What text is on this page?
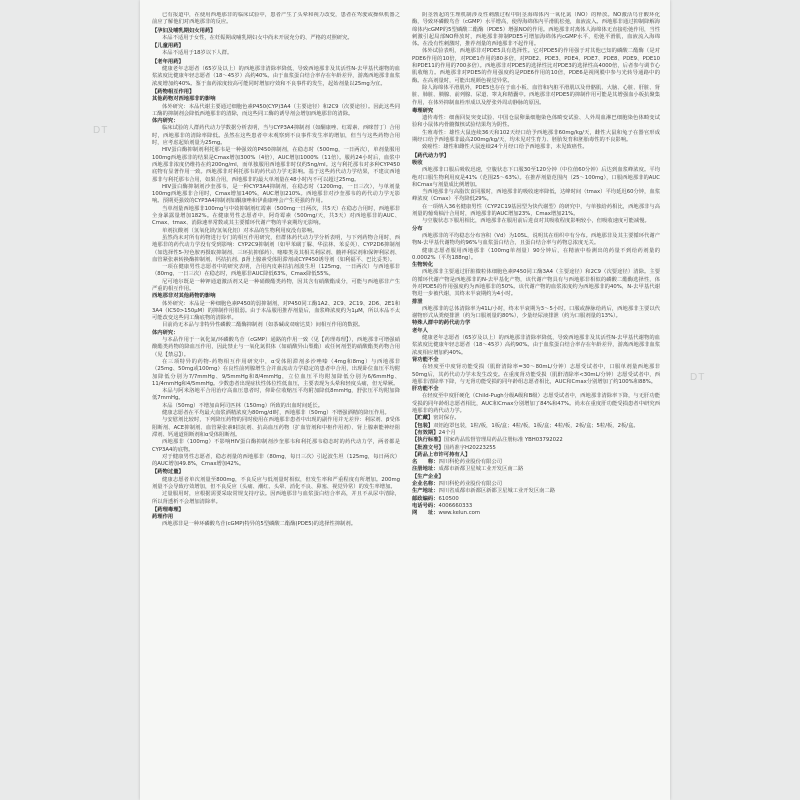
DT
DT
已有报道中，在使用西地那非的临床试验中，患者产生了头晕和视力改变，患者在驾驶或操纵机器之前应了解他们对西地那非的反应。
【孕妇及哺乳期妇女用药】
本品不适用于女性，在妊娠期或哺乳期妇女中尚未开展充分的、严格的对照研究。
【儿童用药】
本品不适用于18岁以下人群。
【老年用药】
健康老年志愿者（65岁及以上）的西地那非清除率降低，导致西地那非及其活性N-去甲基代谢物的血浆浓度比健康年轻志愿者（18～45岁）高约40%。由于血浆蛋白结合率存在年龄差异，游离西地那非血浆浓度增加约40%。鉴于血药浓度较高可能同时增加疗效和不良事件的发生，起始剂量以25mg为宜。
【药物相互作用】
其他药物对西地那非的影响
体外研究：本品代谢主要通过细胞色素P450(CYP)3A4（主要途径）和2C9（次要途径）。因此这些同工酶的抑制剂会降低西地那非的清除，而这些同工酶的诱导剂会增加西地那非的清除。
体内研究：
临床试验的人群药代动力学数据分析表明，当与CYP3A4抑制剂（如酮康唑、红霉素、西咪替丁）合用时，西地那非的清除率降低。虽然在这些患者中未观察到不良事件发生率的增加，但当与这些药物合用时，应考虑起始剂量为25mg。
HIV蛋白酶抑制剂利托那韦是一种强效的P450抑制剂，在稳态时（500mg，一日两次），单剂量服用100mg西地那非的结果是Cmax增加300%（4倍），AUC增加1000%（11倍）。服药24小时后，血浆中西地那非浓度仍维持在约200ng/ml，而单独服用西地那非时仅约5ng/ml。这与利托那韦对多种CYP450底物有显著作用一致。西地那非对利托那韦的药代动力学无影响。基于这些药代动力学结果，不建议西地那非与利托那韦合用，如果合用，西地那非的最大单剂量在48小时内不可以超过25mg。
HIV蛋白酶抑制剂沙奎那韦，是一种CYP3A4抑制剂，在稳态时（1200mg，一日三次），与单剂量100mg西地那非合用时，Cmax增加140%，AUC增加210%。西地那非对沙奎那韦的药代动力学无影响。预期更强效的CYP3A4抑制剂如酮康唑和伊曲康唑会产生更强的作用。
当单剂量西地那非100mg与中效抑制剂红霉素（500mg一日两次，共5天）在稳态合用时，西地那非全身暴露量增加182%。在健康男性志愿者中，阿奇霉素（500mg/天，共3天）对西地那非的AUC、Cmax、tmax、消除速率常数或其主要循环代谢产物的半衰期均无影响。
单剂抗酸剂（氢氧化镁/氢氧化铝）对本品的生物利用度没有影响。
虽然尚未对所有药物进行专门的相互作用研究，但群体药代动力学分析表明，与下列药物合用时，西地那非的药代动力学没有受到影响：CYP2C9抑制剂（如甲苯磺丁脲、华法林、苯妥英）、CYP2D6抑制剂（如选择性5-羟色胺再摄取抑制剂、三环抗抑郁药）、噻嗪类及其相关利尿剂、髓袢利尿剂和保钾利尿剂、血管紧张素转换酶抑制剂、钙拮抗剂、β肾上腺素受体阻滞剂或CYP450诱导剂（如利福平、巴比妥类）。
一项在健康男性志愿者中的研究表明，合用内皮素拮抗剂波生坦（125mg，一日两次）与西地那非（80mg，一日三次）在稳态时，西地那非AUC降低63%，Cmax降低55%。
尼可地尔既是一种钾通道激活剂又是一种硝酸酯类药物，因其含有硝酸酯成分，可能与西地那非产生严重的相互作用。
西地那非对其他药物的影响
体外研究：本品是一种细胞色素P450的弱抑制剂，对P450同工酶1A2、2C9、2C19、2D6、2E1和3A4（IC50>150μM）的抑制作用很弱。由于本品服用推荐剂量后，血浆峰浓度约为1μM，所以本品不太可能改变这些同工酶底物的清除率。
目前尚无本品与非特异性磷酸二酯酶抑制剂（如茶碱或双嘧达莫）间相互作用的数据。
体内研究：
与本品作用于一氧化氮/环磷酸鸟苷（cGMP）通路的作用一致（见【药理毒理】），西地那非可增强硝酸酯类药物的降血压作用，因此禁止与一氧化氮供体（如硝酸异山梨酯）或任何剂型的硝酸酯类药物合用（见【禁忌】）。
在三项特异的药物-药物相互作用研究中，α受体阻滞剂多沙唑嗪（4mg和8mg）与西地那非（25mg、50mg或100mg）在良性前列腺增生合并血流动力学稳定的患者中合用，出现卧位血压平均附加降低分别为7/7mmHg、9/5mmHg和8/4mmHg，立位血压平均附加降低分别为6/6mmHg、11/4mmHg和4/5mmHg。少数患者出现症状性体位性低血压，主要表现为头晕和轻度头痛，但无晕厥。
本品与阿米洛地平合用治疗高血压患者时，仰卧位收缩压平均附加降低8mmHg，舒张压平均附加降低7mmHg。
本品（50mg）不增加由阿司匹林（150mg）所致的出血时间延长。
健康志愿者在平均最大血浆酒精浓度为80mg/dl时，西地那非（50mg）不增强酒精的降压作用。
与安慰剂比较时，下列降压药物的同时使用在西地那非患者中出现的副作用并无差异：利尿剂、β受体阻断剂、ACE抑制剂、血管紧张素Ⅱ拮抗剂、抗高血压药物（扩血管剂和中枢作用剂）、肾上腺素能神经阻滞剂、钙通道阻断剂和α受体阻断剂。
西地那非（100mg）不影响HIV蛋白酶抑制剂沙奎那韦和利托那韦稳态时的药代动力学，两者都是CYP3A4的底物。
对于健康男性志愿者，稳态剂量的西地那非（80mg，每日三次）引起波生坦（125mg，每日两次）的AUC增加49.8%，Cmax增加42%。
【药物过量】
健康志愿者单次剂量至800mg，不良反应与低剂量时相似，但发生率和严重程度有所增加。200mg剂量不会导致疗效增加，但不良反应（头痛、潮红、头晕、消化不良、鼻塞、视觉异常）的发生率增加。
过量服用时，应根据需要采取常规支持疗法。因西地那非与血浆蛋白结合率高，并且不从尿中清除，所以肾透析不会增加清除率。
【药理毒理】
药理作用
西地那非是一种环磷酸鸟苷(cGMP)特异的5型磷酸二酯酶(PDE5)的选择性抑制剂。
阴茎勃起的生理机制涉及性刺激过程中阴茎海绵体内一氧化氮（NO）的释放。NO激活鸟苷酸环化酶，导致环磷酸鸟苷（cGMP）水平增高，使得海绵体内平滑肌松弛，血液流入。西地那非通过抑制降解海绵体内cGMP的5型磷酸二酯酶（PDE5）增强NO的作用。西地那非对离体人海绵体无直接松弛作用，当性刺激引起局部NO释放时，西地那非抑制PDE5可增加海绵体内cGMP水平，松弛平滑肌，血液流入海绵体。在没有性刺激时，推荐剂量的西地那非不起作用。
体外试验表明，西地那非对PDE5具有选择性。它对PDE5的作用强于对其他已知的磷酸二酯酶（是对PDE6作用的10倍，对PDE1作用的80多倍，对PDE2、PDE3、PDE4、PDE7、PDE8、PDE9、PDE10和PDE11的作用的700多倍）。西地那非对PDE5的选择性比对PDE3的选择性高4000倍，后者参与调节心肌收缩力。西地那非对PDE5的作用强度约是PDE6作用的10倍，PDE6是视网膜中参与光转导通路中的酶。在高剂量时，可能出现颜色视觉异常。
除人海绵体平滑肌外，PDE5也存在于血小板、血管和内脏平滑肌以及骨骼肌、大脑、心脏、肝脏、肾脏、肺脏、胰腺、前列腺、尿道、睾丸和精囊中。西地那非对PDE5的抑制作用可能是其增强血小板抗聚集作用，在体外抑制血栓形成以及舒张外周动静脉的原因。
毒理研究
遗传毒性：细菌回复突变试验、中国仓鼠卵巢细胞染色体畸变试验、人外周血淋巴细胞染色体畸变试验和小鼠体内骨髓微核试验结果均为阴性。
生殖毒性：雄性大鼠连续36天和102天经口给予西地那非60mg/kg/天，雌性大鼠和兔子在器官形成期经口给予西地那非最高200mg/kg/天，均未见对生育力、胚胎发育和胚胎毒性的不良影响。
致癌性：雄性和雌性大鼠连续24个月经口给予西地那非，未见致癌性。
【药代动力学】
吸收
西地那非口服后吸收迅速，空腹状态下口服30至120分钟（中位值60分钟）后达到血浆峰浓度。平均绝对口服生物利用度是41%（范围25～63%）。在推荐剂量范围内（25～100mg），口服西地那非的AUC和Cmax与剂量成比例增加。
当西地那非与高脂饮食同服时，西地那非的吸收速率降低，达峰时间（tmax）平均延迟60分钟，血浆峰浓度（Cmax）平均降低29%。
在一项纳入36名健康男性（CYP2C19基因型为快代谢型）的研究中，与单独给药相比，西地那非与高剂量的葡萄柚汁合用时，西地那非的AUC增加23%，Cmax增加21%。
与空腹状态下服用相比，西地那非在服用前后进食对其吸收程度影响较小，但吸收速度可能减慢。
分布
西地那非的平均稳态分布容积（Vd）为105L，说明其在组织中有分布。西地那非及其主要循环代谢产物N-去甲基代谢物均约96%与血浆蛋白结合，且蛋白结合率与药物总浓度无关。
健康志愿者服用西地那非（100mg单剂量）90分钟后，在精液中检测出的药量不到给药剂量的0.0002%（平均188ng）。
生物转化
西地那非主要通过肝脏微粒体细胞色素P450同工酶3A4（主要途径）和2C9（次要途径）清除。主要的循环代谢产物是西地那非的N-去甲基化产物，该代谢产物具有与西地那非相似的磷酸二酯酶选择性，体外对PDE5的作用强度约为西地那非的50%。该代谢产物的血浆浓度约为西地那非的40%，N-去甲基代谢物进一步被代谢，其终末半衰期约为4小时。
排泄
西地那非的总体清除率为41L/小时，终末半衰期为3～5小时。口服或静脉给药后，西地那非主要以代谢物形式从粪便排泄（约为口服剂量的80%），少量经尿液排泄（约为口服剂量的13%）。
特殊人群中的药代动力学
老年人
健康老年志愿者（65岁及以上）的西地那非清除率降低，导致西地那非及其活性N-去甲基代谢物的血浆浓度比健康年轻志愿者（18～45岁）高约90%。由于血浆蛋白结合率存在年龄差异，游离西地那非血浆浓度相应增加约40%。
肾功能不全
在轻度至中度肾功能受损（肌酐清除率=30～80mL/分钟）志愿受试者中，口服单剂量西地那非50mg后，其药代动力学未发生改变。在重度肾功能受损（肌酐清除率<30mL/分钟）志愿受试者中，西地那非清除率下降，与无肾功能受损的同年龄组志愿者相比，AUC和Cmax分别增加了约100%和88%。
肝功能不全
在轻度至中度肝硬化（Child-Pugh分级A级和B级）志愿受试者中，西地那非清除率下降，与无肝功能受损的同年龄组志愿者相比，AUC和Cmax分别增加了84%和47%。尚未在重度肝功能受损患者中研究西地那非的药代动力学。
【贮藏】密封保存。
【包装】双铝泡罩包装，1粒/板，1板/盒；4粒/板，1板/盒；4粒/板，2板/盒；5粒/板，2板/盒。
【有效期】24个月
【执行标准】国家药品监督管理局药品注册标准 YBH03792022
【批准文号】国药准字H20223255
【药品上市许可持有人】
名　　称：四川科伦药业股份有限公司
注册地址：成都市新都卫星城工业开发区南二路
【生产企业】
企业名称：四川科伦药业股份有限公司
生产地址：四川省成都市新都区新都卫星城工业开发区南二路
邮政编码：610500
电话号码：4006660333
网　　址：www.kelun.com
